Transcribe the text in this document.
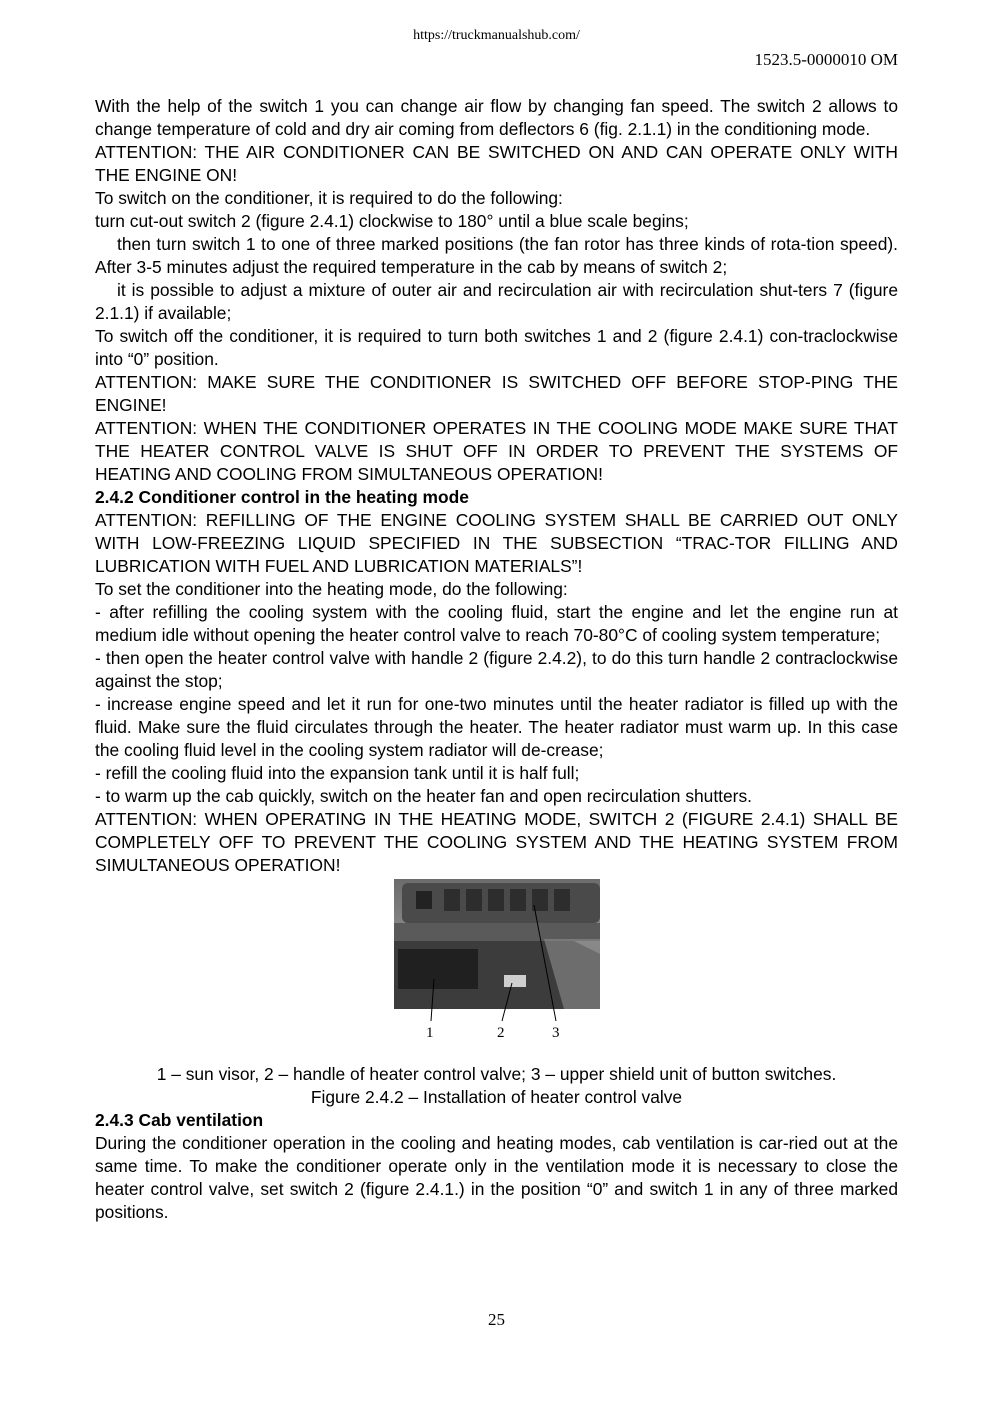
https://truckmanualshub.com/
1523.5-0000010 OM

With the help of the switch 1 you can change air flow by changing fan speed. The switch 2 allows to change temperature of cold and dry air coming from deflectors 6 (fig. 2.1.1) in the conditioning mode.

ATTENTION: THE AIR CONDITIONER CAN BE SWITCHED ON AND CAN OPERATE ONLY WITH THE ENGINE ON!

To switch on the conditioner, it is required to do the following:

turn cut-out switch 2 (figure 2.4.1) clockwise to 180° until a blue scale begins;

then turn switch 1 to one of three marked positions (the fan rotor has three kinds of rota-tion speed). After 3-5 minutes adjust the required temperature in the cab by means of switch 2;

it is possible to adjust a mixture of outer air and recirculation air with recirculation shut-ters 7 (figure 2.1.1) if available;

To switch off the conditioner, it is required to turn both switches 1 and 2 (figure 2.4.1) con-traclockwise into “0” position.

ATTENTION: MAKE SURE THE CONDITIONER IS SWITCHED OFF BEFORE STOP-PING THE ENGINE!

ATTENTION: WHEN THE CONDITIONER OPERATES IN THE COOLING MODE MAKE SURE THAT THE HEATER CONTROL VALVE IS SHUT OFF IN ORDER TO PREVENT THE SYSTEMS OF HEATING AND COOLING FROM SIMULTANEOUS OPERATION!

2.4.2 Conditioner control in the heating mode

ATTENTION: REFILLING OF THE ENGINE COOLING SYSTEM SHALL BE CARRIED OUT ONLY WITH LOW-FREEZING LIQUID SPECIFIED IN THE SUBSECTION “TRAC-TOR FILLING AND LUBRICATION WITH FUEL AND LUBRICATION MATERIALS”!

To set the conditioner into the heating mode, do the following:

- after refilling the cooling system with the cooling fluid, start the engine and let the engine run at medium idle without opening the heater control valve to reach 70-80°C of cooling system temperature;

- then open the heater control valve with handle 2 (figure 2.4.2), to do this turn handle 2 contraclockwise against the stop;

- increase engine speed and let it run for one-two minutes until the heater radiator is filled up with the fluid. Make sure the fluid circulates through the heater. The heater radiator must warm up. In this case the cooling fluid level in the cooling system radiator will de-crease;

- refill the cooling fluid into the expansion tank until it is half full;

- to warm up the cab quickly, switch on the heater fan and open recirculation shutters.

ATTENTION: WHEN OPERATING IN THE HEATING MODE, SWITCH 2 (FIGURE 2.4.1) SHALL BE COMPLETELY OFF TO PREVENT THE COOLING SYSTEM AND THE HEATING SYSTEM FROM SIMULTANEOUS OPERATION!

1	2	3

1 – sun visor, 2 – handle of heater control valve; 3 – upper shield unit of button switches.

Figure 2.4.2 – Installation of heater control valve

2.4.3 Cab ventilation

During the conditioner operation in the cooling and heating modes, cab ventilation is car-ried out at the same time. To make the conditioner operate only in the ventilation mode it is necessary to close the heater control valve, set switch 2 (figure 2.4.1.) in the position “0” and switch 1 in any of three marked positions.

25
